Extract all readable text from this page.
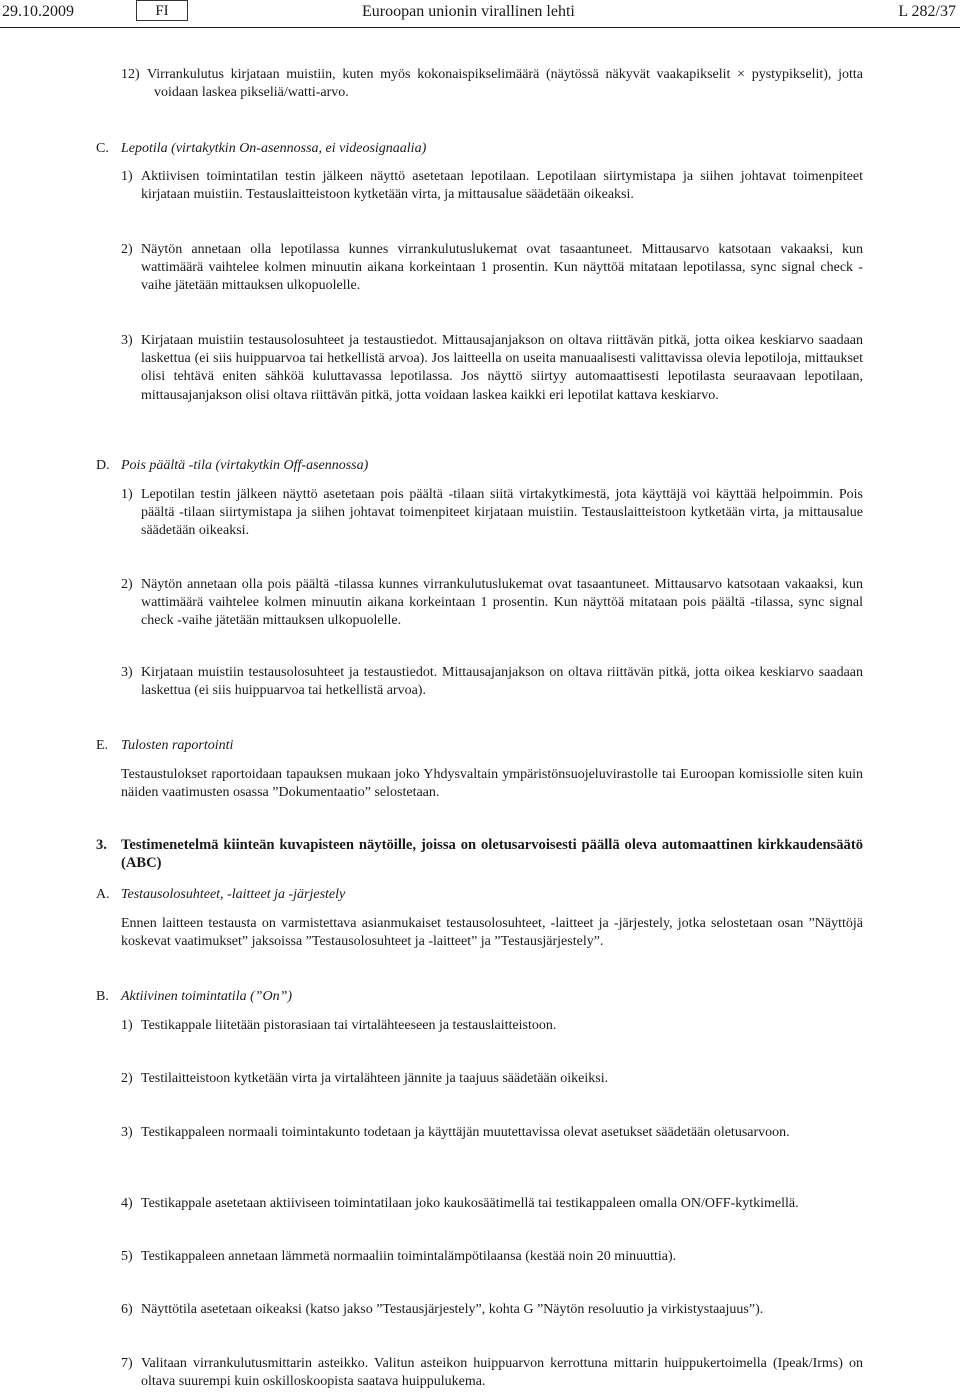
29.10.2009	FI	Euroopan unionin virallinen lehti	L 282/37
12) Virrankulutus kirjataan muistiin, kuten myös kokonaispikselimäärä (näytössä näkyvät vaakapikselit × pystypikselit), jotta voidaan laskea pikseliä/watti-arvo.
C. Lepotila (virtakytkin On-asennossa, ei videosignaalia)
1) Aktiivisen toimintatilan testin jälkeen näyttö asetetaan lepotilaan. Lepotilaan siirtymistapa ja siihen johtavat toimenpiteet kirjataan muistiin. Testauslaitteistoon kytketään virta, ja mittausalue säädetään oikeaksi.
2) Näytön annetaan olla lepotilassa kunnes virrankulutuslukemat ovat tasaantuneet. Mittausarvo katsotaan vakaaksi, kun wattimäärä vaihtelee kolmen minuutin aikana korkeintaan 1 prosentin. Kun näyttöä mitataan lepotilassa, sync signal check -vaihe jätetään mittauksen ulkopuolelle.
3) Kirjataan muistiin testausolosuhteet ja testaustiedot. Mittausajanjakson on oltava riittävän pitkä, jotta oikea keskiarvo saadaan laskettua (ei siis huippuarvoa tai hetkellistä arvoa). Jos laitteella on useita manuaalisesti valittavissa olevia lepotiloja, mittaukset olisi tehtävä eniten sähköä kuluttavassa lepotilassa. Jos näyttö siirtyy automaattisesti lepotilasta seuraavaan lepotilaan, mittausajanjakson olisi oltava riittävän pitkä, jotta voidaan laskea kaikki eri lepotilat kattava keskiarvo.
D. Pois päältä -tila (virtakytkin Off-asennossa)
1) Lepotilan testin jälkeen näyttö asetetaan pois päältä -tilaan siitä virtakytkimestä, jota käyttäjä voi käyttää helpoimmin. Pois päältä -tilaan siirtymistapa ja siihen johtavat toimenpiteet kirjataan muistiin. Testauslaitteistoon kytketään virta, ja mittausalue säädetään oikeaksi.
2) Näytön annetaan olla pois päältä -tilassa kunnes virrankulutuslukemat ovat tasaantuneet. Mittausarvo katsotaan vakaaksi, kun wattimäärä vaihtelee kolmen minuutin aikana korkeintaan 1 prosentin. Kun näyttöä mitataan pois päältä -tilassa, sync signal check -vaihe jätetään mittauksen ulkopuolelle.
3) Kirjataan muistiin testausolosuhteet ja testaustiedot. Mittausajanjakson on oltava riittävän pitkä, jotta oikea keskiarvo saadaan laskettua (ei siis huippuarvoa tai hetkellistä arvoa).
E. Tulosten raportointi
Testaustulokset raportoidaan tapauksen mukaan joko Yhdysvaltain ympäristönsuojeluvirastolle tai Euroopan komissiolle siten kuin näiden vaatimusten osassa ”Dokumentaatio” selostetaan.
3. Testimenetelmä kiinteän kuvapisteen näytöille, joissa on oletusarvoisesti päällä oleva automaattinen kirkkaudensäätö (ABC)
A. Testausolosuhteet, -laitteet ja -järjestely
Ennen laitteen testausta on varmistettava asianmukaiset testausolosuhteet, -laitteet ja -järjestely, jotka selostetaan osan ”Näyttöjä koskevat vaatimukset” jaksoissa ”Testausolosuhteet ja -laitteet” ja ”Testausjärjestely”.
B. Aktiivinen toimintatila (”On”)
1) Testikappale liitetään pistorasiaan tai virtalähteeseen ja testauslaitteistoon.
2) Testilaitteistoon kytketään virta ja virtalähteen jännite ja taajuus säädetään oikeiksi.
3) Testikappaleen normaali toimintakunto todetaan ja käyttäjän muutettavissa olevat asetukset säädetään oletusarvoon.
4) Testikappale asetetaan aktiiviseen toimintatilaan joko kaukosäätimellä tai testikappaleen omalla ON/OFF-kytkimellä.
5) Testikappaleen annetaan lämmetä normaaliin toimintalämpötilaansa (kestää noin 20 minuuttia).
6) Näyttötila asetetaan oikeaksi (katso jakso ”Testausjärjestely”, kohta G ”Näytön resoluutio ja virkistystaajuus”).
7) Valitaan virrankulutusmittarin asteikko. Valitun asteikon huippuarvon kerrottuna mittarin huippukertoimella (Ipeak/Irms) on oltava suurempi kuin oskilloskoopista saatava huippulukema.
